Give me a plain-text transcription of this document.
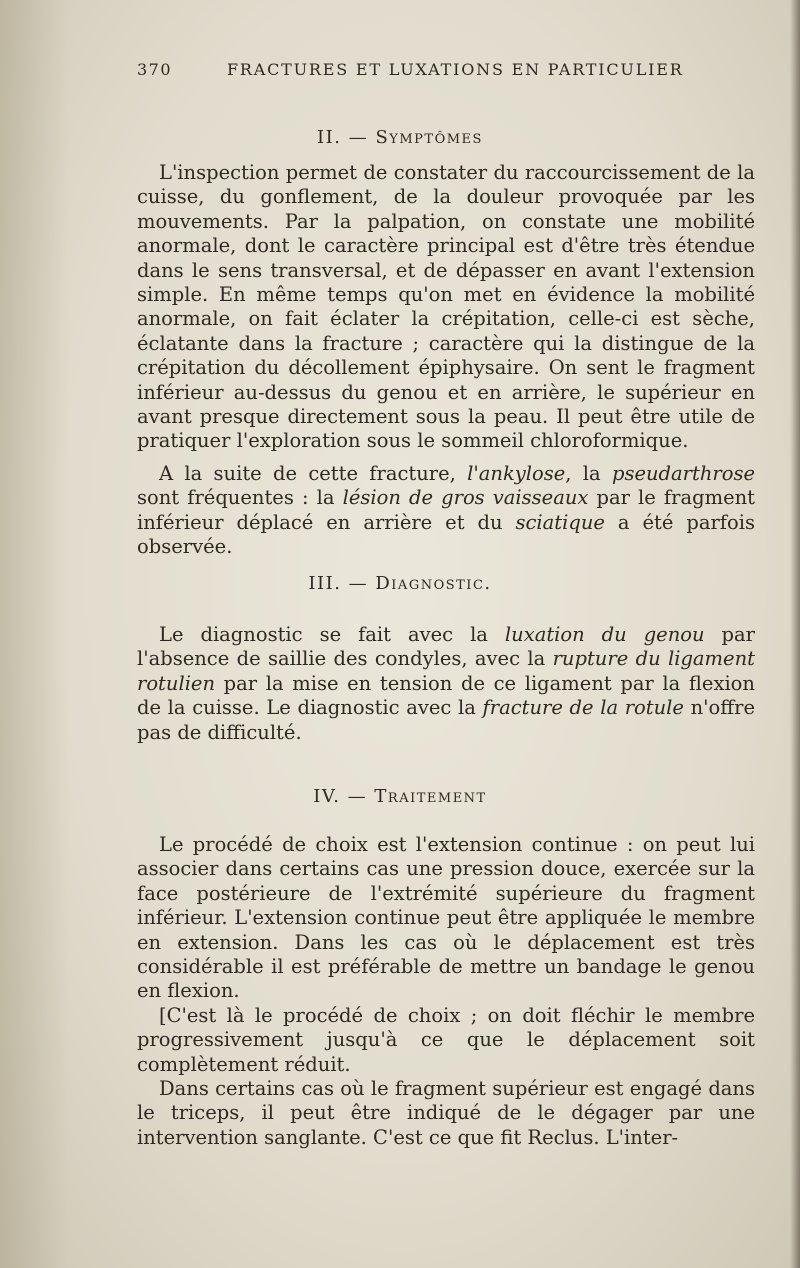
370	FRACTURES ET LUXATIONS EN PARTICULIER
II. — Symptômes

L'inspection permet de constater du raccourcissement de la cuisse, du gonflement, de la douleur provoquée par les mouvements. Par la palpation, on constate une mobilité anormale, dont le caractère principal est d'être très étendue dans le sens transversal, et de dépasser en avant l'extension simple. En même temps qu'on met en évidence la mobilité anormale, on fait éclater la crépitation, celle-ci est sèche, éclatante dans la fracture ; caractère qui la distingue de la crépitation du décollement épiphysaire. On sent le fragment inférieur au-dessus du genou et en arrière, le supérieur en avant presque directement sous la peau. Il peut être utile de pratiquer l'exploration sous le sommeil chloroformique.

A la suite de cette fracture, l'ankylose, la pseudarthrose sont fréquentes : la lésion de gros vaisseaux par le fragment inférieur déplacé en arrière et du sciatique a été parfois observée.

III. — Diagnostic.

Le diagnostic se fait avec la luxation du genou par l'absence de saillie des condyles, avec la rupture du ligament rotulien par la mise en tension de ce ligament par la flexion de la cuisse. Le diagnostic avec la fracture de la rotule n'offre pas de difficulté.

IV. — Traitement

Le procédé de choix est l'extension continue : on peut lui associer dans certains cas une pression douce, exercée sur la face postérieure de l'extrémité supérieure du fragment inférieur. L'extension continue peut être appliquée le membre en extension. Dans les cas où le déplacement est très considérable il est préférable de mettre un bandage le genou en flexion.

[C'est là le procédé de choix ; on doit fléchir le membre progressivement jusqu'à ce que le déplacement soit complètement réduit.

Dans certains cas où le fragment supérieur est engagé dans le triceps, il peut être indiqué de le dégager par une intervention sanglante. C'est ce que fit Reclus. L'inter-
